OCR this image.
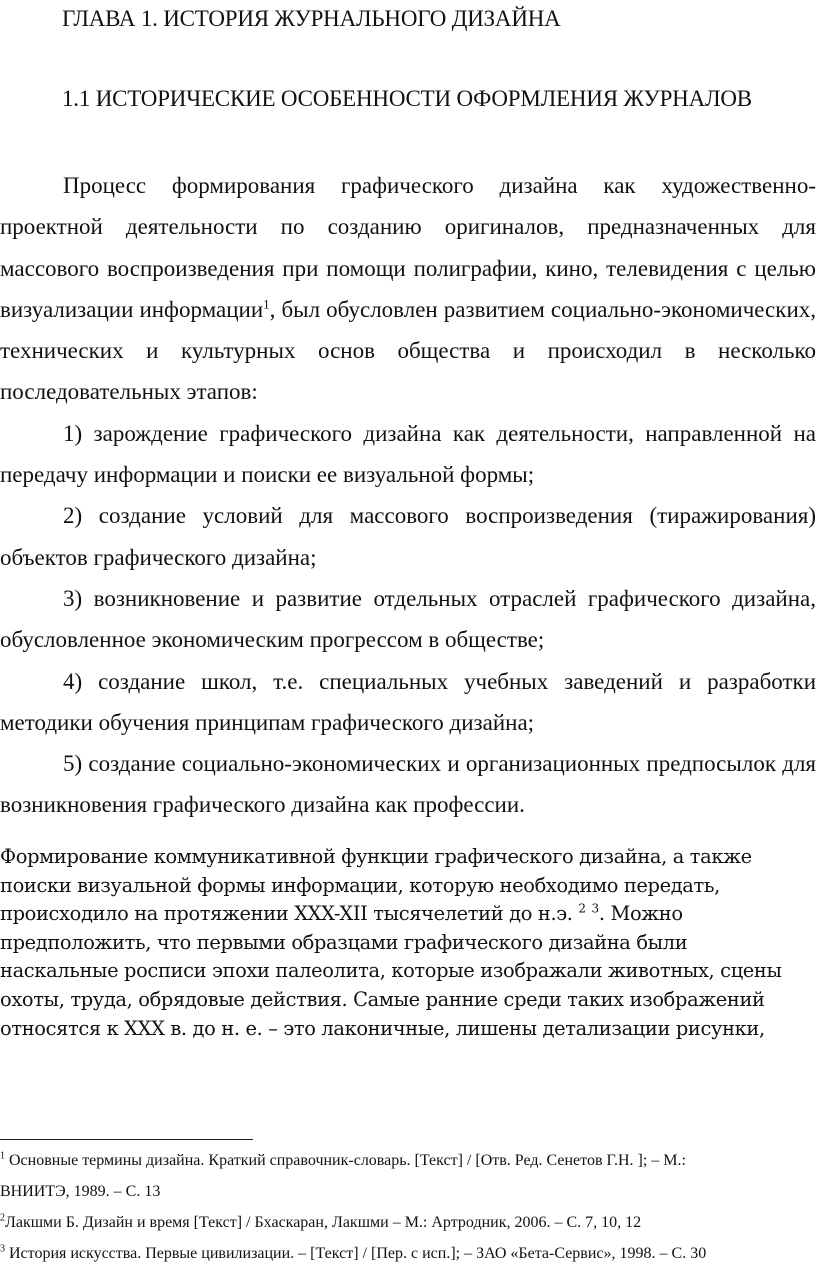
ГЛАВА 1. ИСТОРИЯ ЖУРНАЛЬНОГО ДИЗАЙНА
1.1 ИСТОРИЧЕСКИЕ ОСОБЕННОСТИ ОФОРМЛЕНИЯ ЖУРНАЛОВ

Процесс формирования графического дизайна как художественно-проектной деятельности по созданию оригиналов, предназначенных для массового воспроизведения при помощи полиграфии, кино, телевидения с целью визуализации информации$^1$, был обусловлен развитием социально-экономических, технических и культурных основ общества и происходил в несколько последовательных этапов:

1) зарождение графического дизайна как деятельности, направленной на передачу информации и поиски ее визуальной формы;

2) создание условий для массового воспроизведения (тиражирования) объектов графического дизайна;

3) возникновение и развитие отдельных отраслей графического дизайна, обусловленное экономическим прогрессом в обществе;

4) создание школ, т.е. специальных учебных заведений и разработки методики обучения принципам графического дизайна;

5) создание социально-экономических и организационных предпосылок для возникновения графического дизайна как профессии.

Формирование коммуникативной функции графического дизайна, а также

поиски визуальной формы информации, которую необходимо передать,

происходило на протяжении XXX-XII тысячелетий до н.э. $^2$ $^3$. Можно

предположить, что первыми образцами графического дизайна были

наскальные росписи эпохи палеолита, которые изображали животных, сцены

охоты, труда, обрядовые действия. Самые ранние среди таких изображений

относятся к XXX в. до н. е. – это лаконичные, лишены детализации рисунки,

$^1$ Основные термины дизайна. Краткий справочник-словарь. [Текст] / [Отв. Ред. Сенетов Г.Н. ]; – М.:

ВНИИТЭ, 1989. – С. 13

$^2$Лакшми Б. Дизайн и время [Текст] / Бхаскаран, Лакшми – М.: Артродник, 2006. – С. 7, 10, 12

$^3$ История искусства. Первые цивилизации. – [Текст] / [Пер. с исп.]; – ЗАО «Бета-Сервис», 1998. – С. 30
